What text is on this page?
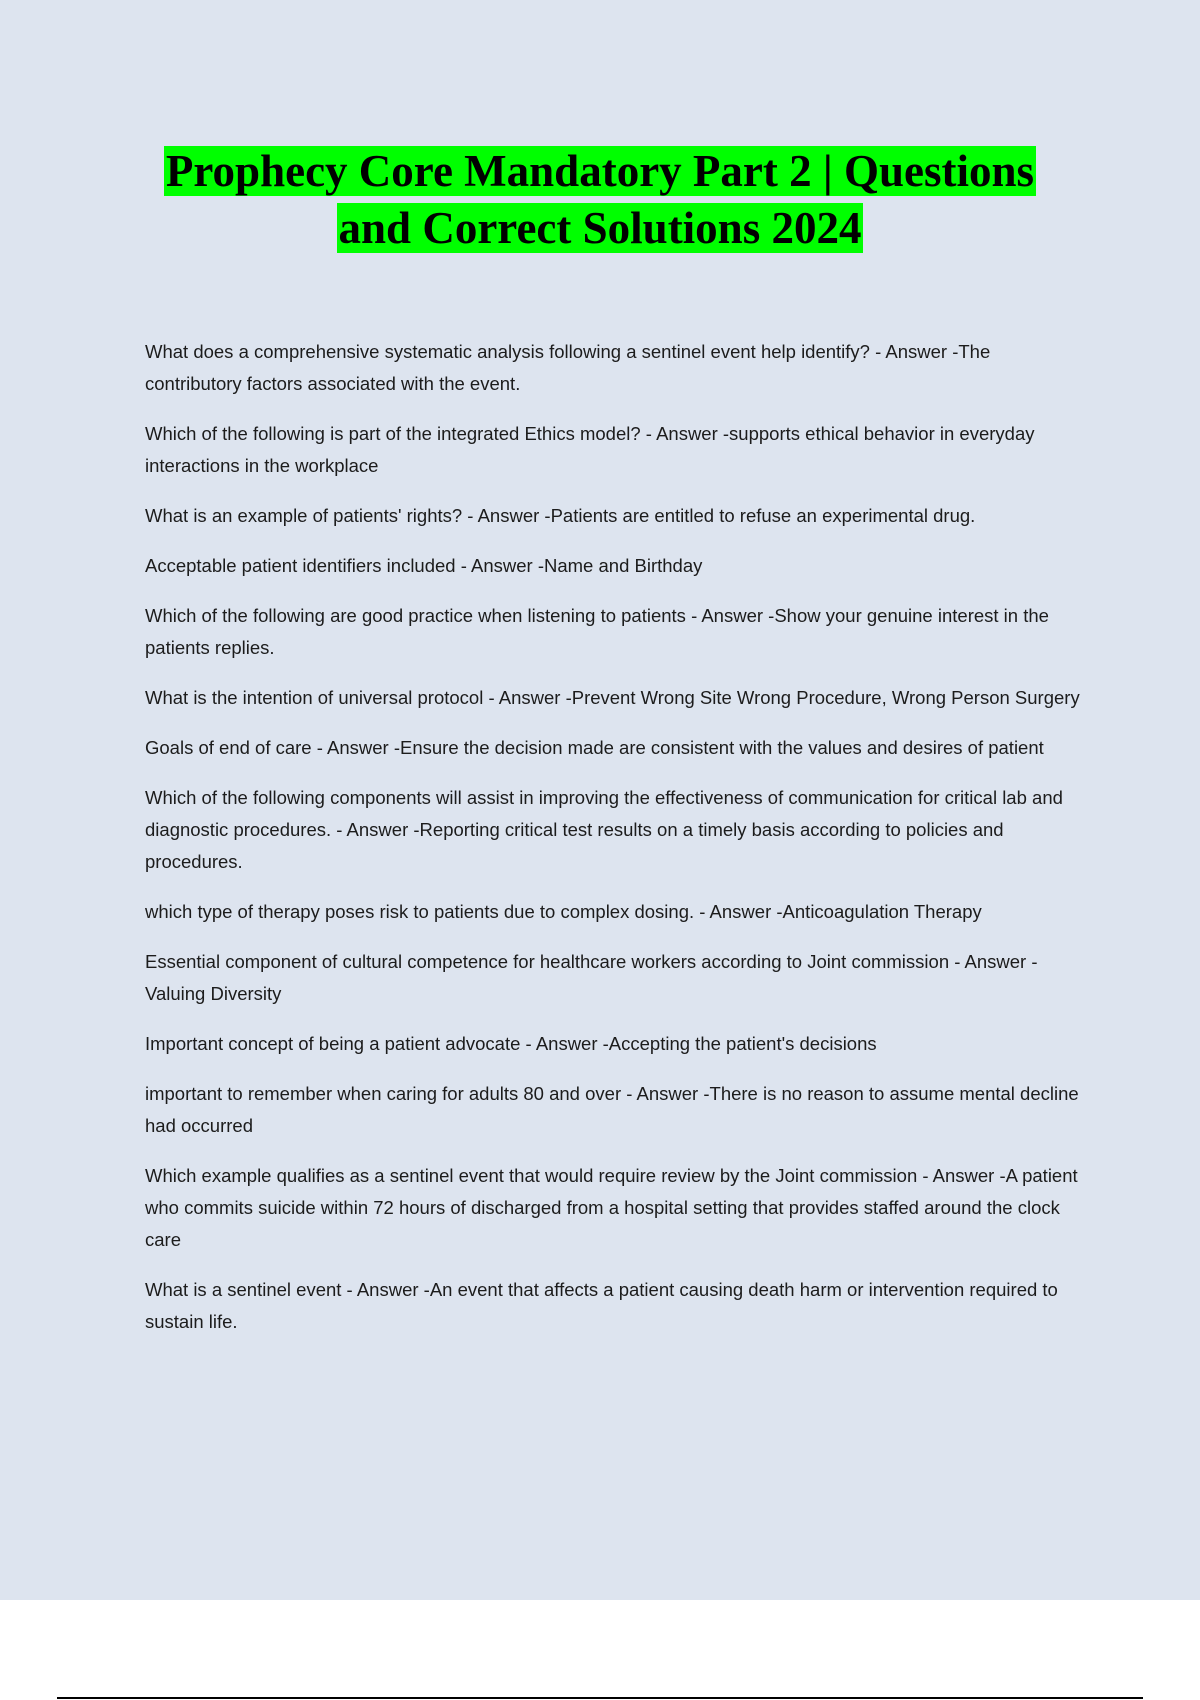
Prophecy Core Mandatory Part 2 | Questions
and Correct Solutions 2024
What does a comprehensive systematic analysis following a sentinel event help identify? - Answer -The contributory factors associated with the event.
Which of the following is part of the integrated Ethics model? - Answer -supports ethical behavior in everyday interactions in the workplace
What is an example of patients' rights? - Answer -Patients are entitled to refuse an experimental drug.
Acceptable patient identifiers included - Answer -Name and Birthday
Which of the following are good practice when listening to patients - Answer -Show your genuine interest in the patients replies.
What is the intention of universal protocol - Answer -Prevent Wrong Site Wrong Procedure, Wrong Person Surgery
Goals of end of care - Answer -Ensure the decision made are consistent with the values and desires of patient
Which of the following components will assist in improving the effectiveness of communication for critical lab and diagnostic procedures. - Answer -Reporting critical test results on a timely basis according to policies and procedures.
which type of therapy poses risk to patients due to complex dosing. - Answer -Anticoagulation Therapy
Essential component of cultural competence for healthcare workers according to Joint commission - Answer -Valuing Diversity
Important concept of being a patient advocate - Answer -Accepting the patient's decisions
important to remember when caring for adults 80 and over - Answer -There is no reason to assume mental decline had occurred
Which example qualifies as a sentinel event that would require review by the Joint commission - Answer -A patient who commits suicide within 72 hours of discharged from a hospital setting that provides staffed around the clock care
What is a sentinel event - Answer -An event that affects a patient causing death harm or intervention required to sustain life.
